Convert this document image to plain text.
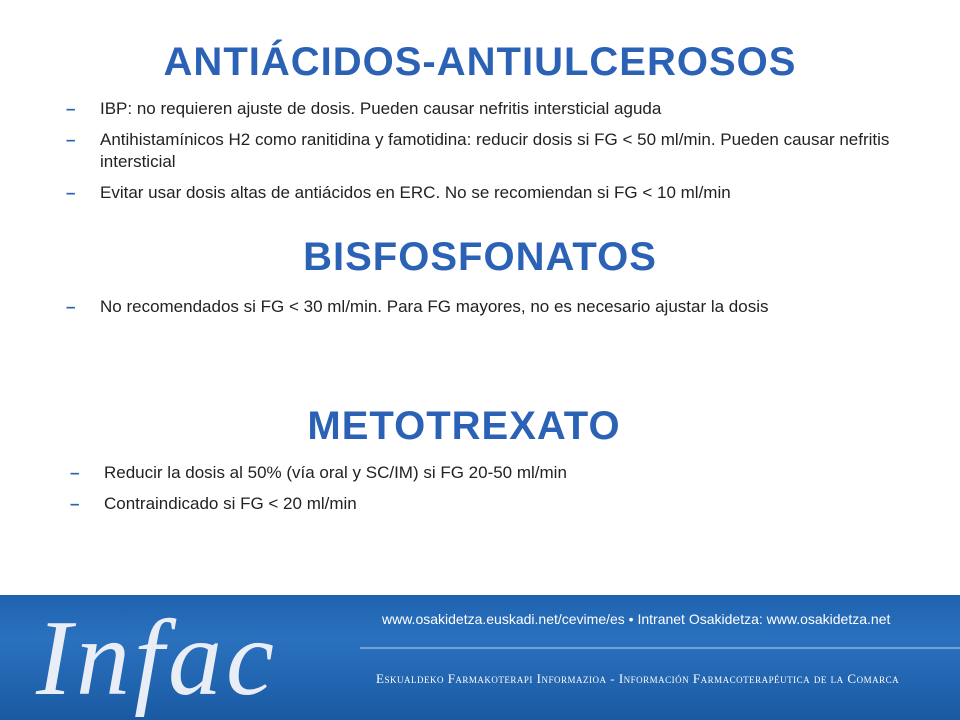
ANTIÁCIDOS-ANTIULCEROSOS
–	IBP: no requieren ajuste de dosis. Pueden causar nefritis intersticial aguda
–	Antihistamínicos H2 como ranitidina y famotidina: reducir dosis si FG < 50 ml/min. Pueden causar nefritis intersticial
–	Evitar usar dosis altas de antiácidos en ERC. No se recomiendan si FG < 10 ml/min
BISFOSFONATOS
–	No recomendados si FG < 30 ml/min. Para FG mayores, no es necesario ajustar la dosis
METOTREXATO
–	Reducir la dosis al 50% (vía oral y SC/IM) si FG 20-50 ml/min
–	Contraindicado si FG < 20 ml/min
Infac	www.osakidetza.euskadi.net/cevime/es • Intranet Osakidetza: www.osakidetza.net
Eskualdeko Farmakoterapi Informazioa - Información Farmacoterapéutica de la Comarca
